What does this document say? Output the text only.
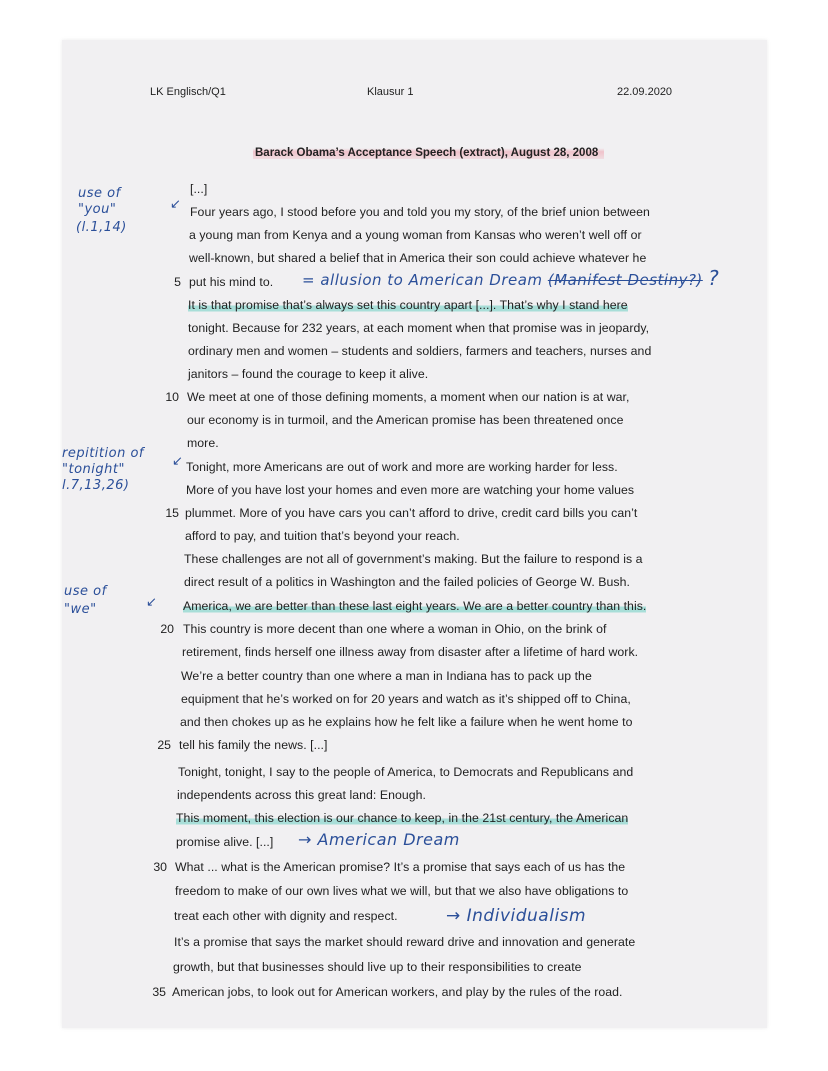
LK Englisch/Q1	Klausur 1	22.09.2020
Barack Obama’s Acceptance Speech (extract), August 28, 2008
[...]
Four years ago, I stood before you and told you my story, of the brief union between
a young man from Kenya and a young woman from Kansas who weren’t well off or
well-known, but shared a belief that in America their son could achieve whatever he
put his mind to.
It is that promise that’s always set this country apart [...]. That’s why I stand here
tonight. Because for 232 years, at each moment when that promise was in jeopardy,
ordinary men and women – students and soldiers, farmers and teachers, nurses and
janitors – found the courage to keep it alive.
We meet at one of those defining moments, a moment when our nation is at war,
our economy is in turmoil, and the American promise has been threatened once
more.
Tonight, more Americans are out of work and more are working harder for less.
More of you have lost your homes and even more are watching your home values
plummet. More of you have cars you can’t afford to drive, credit card bills you can’t
afford to pay, and tuition that’s beyond your reach.
These challenges are not all of government’s making. But the failure to respond is a
direct result of a politics in Washington and the failed policies of George W. Bush.
America, we are better than these last eight years. We are a better country than this.
This country is more decent than one where a woman in Ohio, on the brink of
retirement, finds herself one illness away from disaster after a lifetime of hard work.
We’re a better country than one where a man in Indiana has to pack up the
equipment that he’s worked on for 20 years and watch as it’s shipped off to China,
and then chokes up as he explains how he felt like a failure when he went home to
tell his family the news. [...]
Tonight, tonight, I say to the people of America, to Democrats and Republicans and
independents across this great land: Enough.
This moment, this election is our chance to keep, in the 21st century, the American
promise alive. [...]
What ... what is the American promise? It’s a promise that says each of us has the
freedom to make of our own lives what we will, but that we also have obligations to
treat each other with dignity and respect.
It’s a promise that says the market should reward drive and innovation and generate
growth, but that businesses should live up to their responsibilities to create
American jobs, to look out for American workers, and play by the rules of the road.
5
10
15
20
25
30
35
use of
"you"
(l.1,14)
↙
repitition of
"tonight"
l.7,13,26)
↙
use of
"we"
↙
= allusion to American Dream (Manifest Destiny?) ?
→ American Dream
→ Individualism
